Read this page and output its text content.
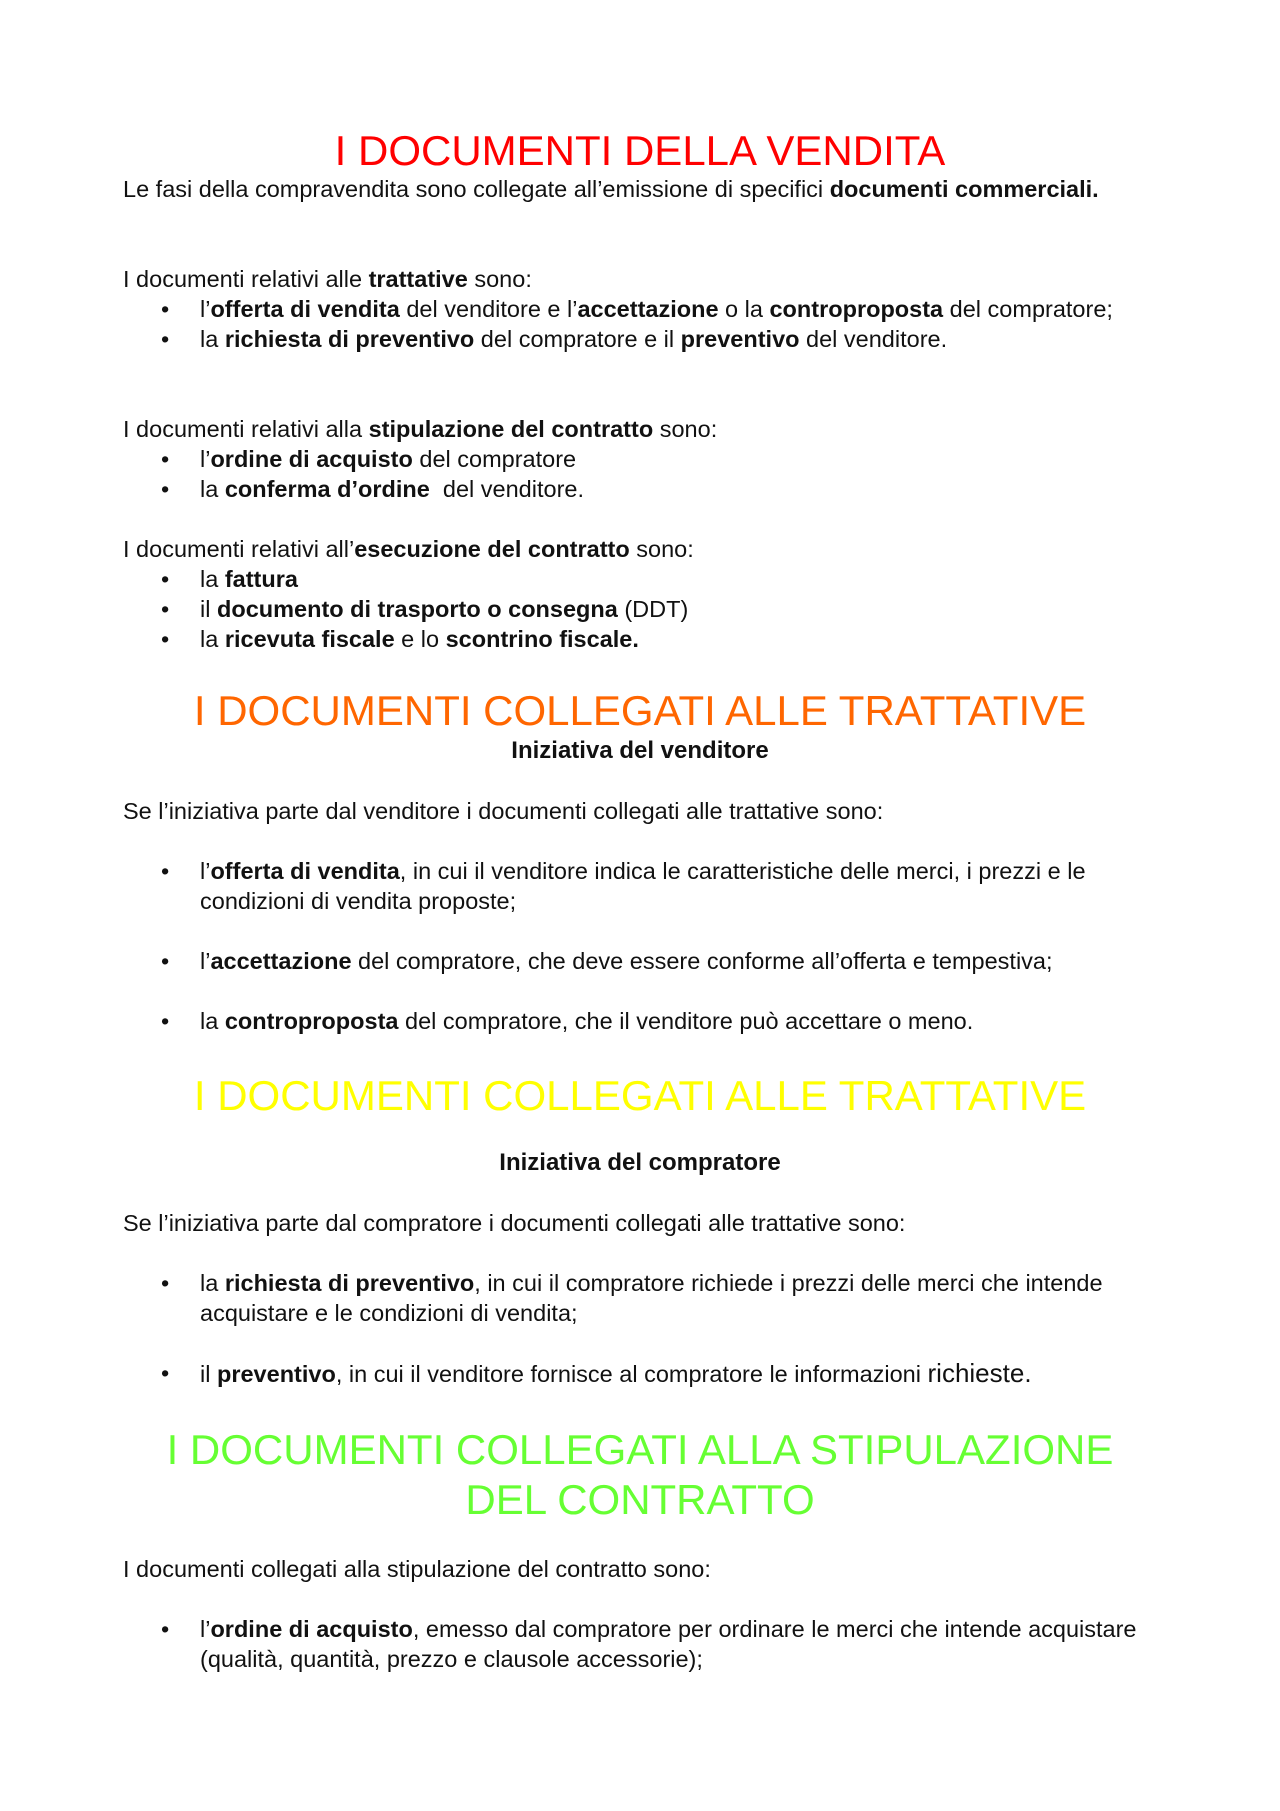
I DOCUMENTI DELLA VENDITA
Le fasi della compravendita sono collegate all’emissione di specifici documenti commerciali.
I documenti relativi alle trattative sono:
• l’offerta di vendita del venditore e l’accettazione o la controproposta del compratore;
• la richiesta di preventivo del compratore e il preventivo del venditore.
I documenti relativi alla stipulazione del contratto sono:
• l’ordine di acquisto del compratore
• la conferma d’ordine  del venditore.
I documenti relativi all’esecuzione del contratto sono:
• la fattura
• il documento di trasporto o consegna (DDT)
• la ricevuta fiscale e lo scontrino fiscale.
I DOCUMENTI COLLEGATI ALLE TRATTATIVE
Iniziativa del venditore
Se l’iniziativa parte dal venditore i documenti collegati alle trattative sono:
• l’offerta di vendita, in cui il venditore indica le caratteristiche delle merci, i prezzi e le condizioni di vendita proposte;
• l’accettazione del compratore, che deve essere conforme all’offerta e tempestiva;
• la controproposta del compratore, che il venditore può accettare o meno.
I DOCUMENTI COLLEGATI ALLE TRATTATIVE
Iniziativa del compratore
Se l’iniziativa parte dal compratore i documenti collegati alle trattative sono:
• la richiesta di preventivo, in cui il compratore richiede i prezzi delle merci che intende acquistare e le condizioni di vendita;
• il preventivo, in cui il venditore fornisce al compratore le informazioni richieste.
I DOCUMENTI COLLEGATI ALLA STIPULAZIONE
DEL CONTRATTO
I documenti collegati alla stipulazione del contratto sono:
• l’ordine di acquisto, emesso dal compratore per ordinare le merci che intende acquistare (qualità, quantità, prezzo e clausole accessorie);
